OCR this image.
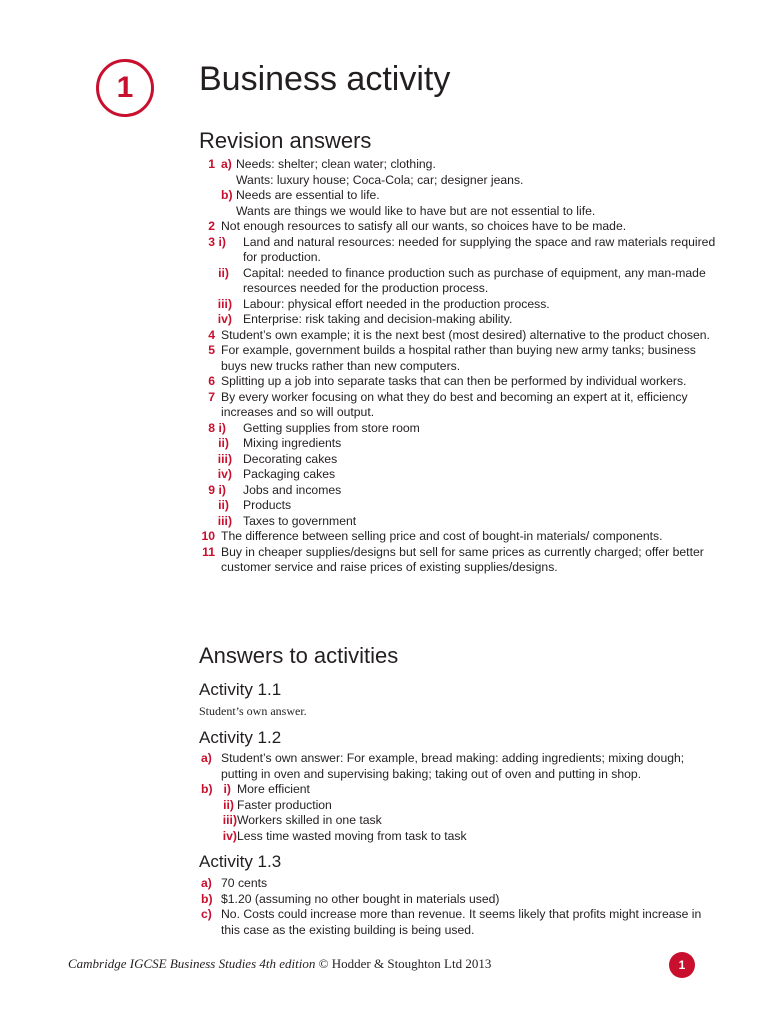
1	Business activity
Revision answers
1 a) Needs: shelter; clean water; clothing.
Wants: luxury house; Coca-Cola; car; designer jeans.
b) Needs are essential to life.
Wants are things we would like to have but are not essential to life.
2 Not enough resources to satisfy all our wants, so choices have to be made.
3 i) Land and natural resources: needed for supplying the space and raw materials required for production.
ii) Capital: needed to finance production such as purchase of equipment, any man-made resources needed for the production process.
iii) Labour: physical effort needed in the production process.
iv) Enterprise: risk taking and decision-making ability.
4 Student’s own example; it is the next best (most desired) alternative to the product chosen.
5 For example, government builds a hospital rather than buying new army tanks; business buys new trucks rather than new computers.
6 Splitting up a job into separate tasks that can then be performed by individual workers.
7 By every worker focusing on what they do best and becoming an expert at it, efficiency increases and so will output.
8 i) Getting supplies from store room
ii) Mixing ingredients
iii) Decorating cakes
iv) Packaging cakes
9 i) Jobs and incomes
ii) Products
iii) Taxes to government
10 The difference between selling price and cost of bought-in materials/ components.
11 Buy in cheaper supplies/designs but sell for same prices as currently charged; offer better customer service and raise prices of existing supplies/designs.
Answers to activities
Activity 1.1
Student’s own answer.
Activity 1.2
a) Student’s own answer: For example, bread making: adding ingredients; mixing dough; putting in oven and supervising baking; taking out of oven and putting in shop.
b) i) More efficient
ii) Faster production
iii) Workers skilled in one task
iv) Less time wasted moving from task to task
Activity 1.3
a) 70 cents
b) $1.20 (assuming no other bought in materials used)
c) No. Costs could increase more than revenue. It seems likely that profits might increase in this case as the existing building is being used.
Cambridge IGCSE Business Studies 4th edition © Hodder & Stoughton Ltd 2013	1
